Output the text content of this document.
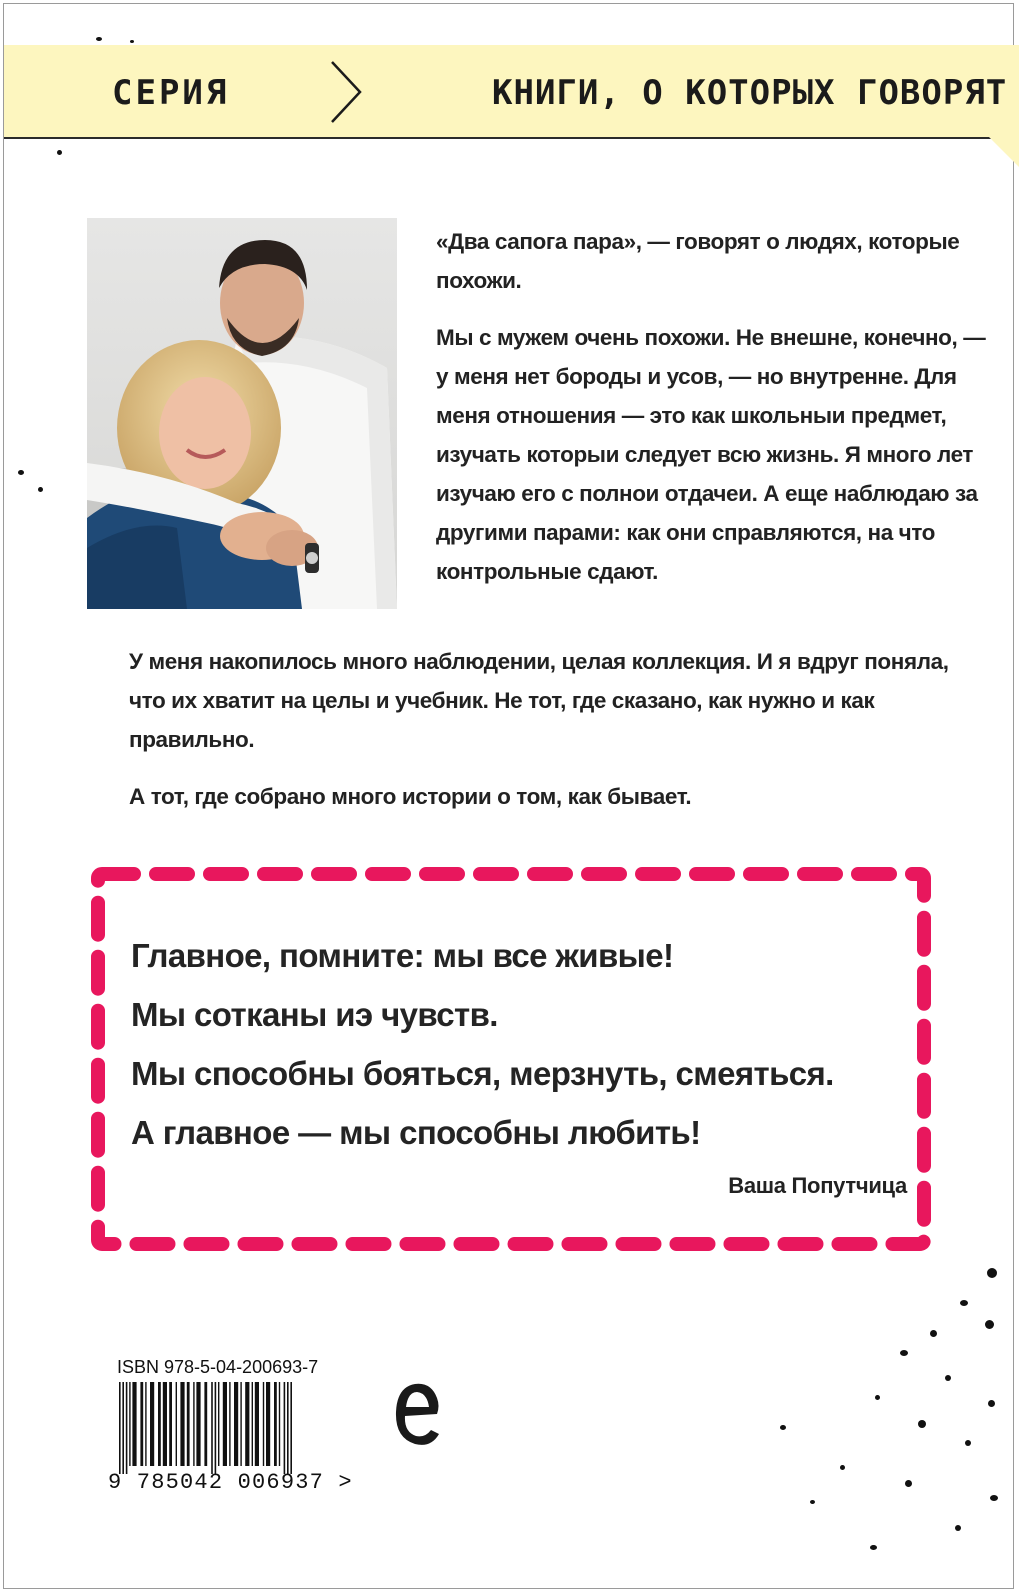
СЕРИЯ	КНИГИ, О КОТОРЫХ ГОВОРЯТ

«Два сапога пара», — говорят о людях, которые похожи.

Мы с мужем очень похожи. Не внешне, конечно, — у меня нет бороды и усов, — но внутренне. Для меня отношения — это как школьныи предмет, изучать которыи следует всю жизнь. Я много лет изучаю его с полнои отдачеи. А еще наблюдаю за другими парами: как они справляются, на что контрольные сдают.

У меня накопилось много наблюдении, целая коллекция. И я вдруг поняла, что их хватит на целы и учебник. Не тот, где сказано, как нужно и как правильно.

А тот, где собрано много истории о том, как бывает.

Главное, помните: мы все живые!
Мы сотканы иэ чувств.
Мы способны бояться, мерзнуть, смеяться.
А главное — мы способны любить!
Ваша Попутчица
ISBN 978-5-04-200693-7
9 785042 006937 >
